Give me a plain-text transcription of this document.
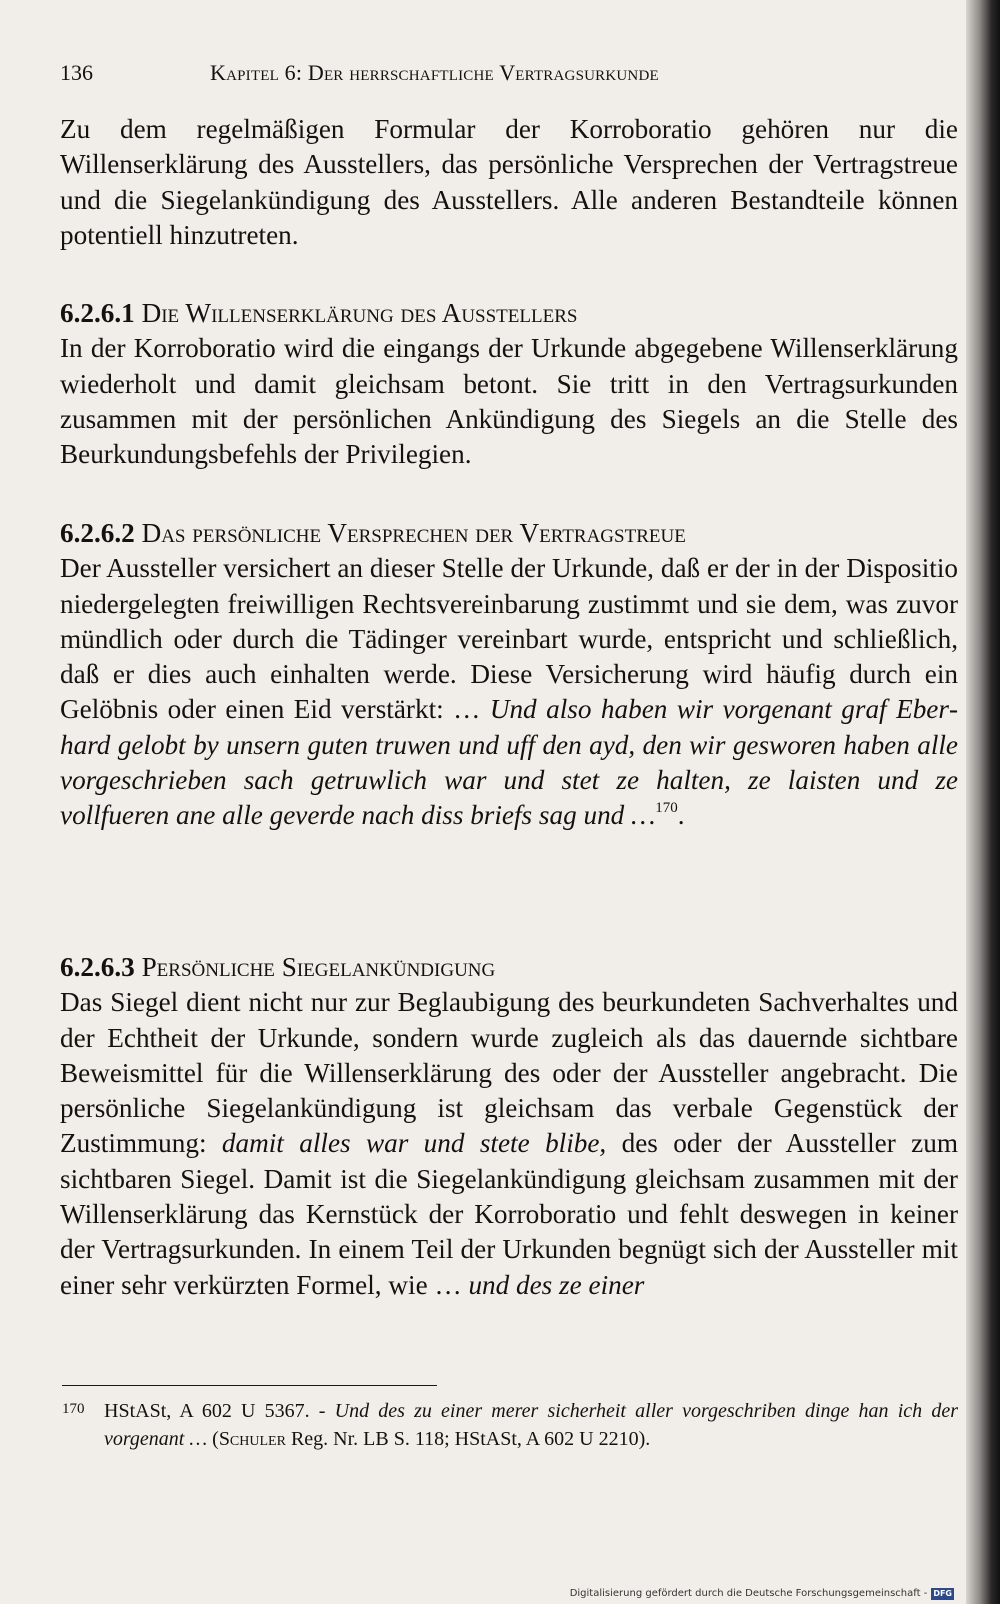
136	Kapitel 6: Der herrschaftliche Vertragsurkunde

Zu dem regelmäßigen Formular der Korroboratio gehören nur die Willenserklärung des Ausstellers, das persönliche Versprechen der Vertragstreue und die Siegelankündigung des Ausstellers. Alle anderen Bestandteile können potentiell hinzutreten.

6.2.6.1 Die Willenserklärung des Ausstellers

In der Korroboratio wird die eingangs der Urkunde abgegebene Willenserklärung wiederholt und damit gleichsam betont. Sie tritt in den Vertragsurkunden zusammen mit der persönlichen Ankündigung des Siegels an die Stelle des Beurkundungsbefehls der Privilegien.

6.2.6.2 Das persönliche Versprechen der Vertragstreue

Der Aussteller versichert an dieser Stelle der Urkunde, daß er der in der Dispositio niedergelegten freiwilligen Rechtsvereinbarung zustimmt und sie dem, was zuvor mündlich oder durch die Tädinger vereinbart wurde, entspricht und schließlich, daß er dies auch einhalten werde. Diese Versicherung wird häufig durch ein Gelöbnis oder einen Eid verstärkt: … Und also haben wir vorgenant graf Eberhard gelobt by unsern guten truwen und uff den ayd, den wir gesworen haben alle vorgeschrieben sach getruwlich war und stet ze halten, ze laisten und ze vollfueren ane alle geverde nach diss briefs sag und …$^{170}$.

6.2.6.3 Persönliche Siegelankündigung

Das Siegel dient nicht nur zur Beglaubigung des beurkundeten Sachverhaltes und der Echtheit der Urkunde, sondern wurde zugleich als das dauernde sichtbare Beweismittel für die Willenserklärung des oder der Aussteller angebracht. Die persönliche Siegelankündigung ist gleichsam das verbale Gegenstück der Zustimmung: damit alles war und stete blibe, des oder der Aussteller zum sichtbaren Siegel. Damit ist die Siegelankündigung gleichsam zusammen mit der Willenserklärung das Kernstück der Korroboratio und fehlt deswegen in keiner der Vertragsurkunden. In einem Teil der Urkunden begnügt sich der Aussteller mit einer sehr verkürzten Formel, wie … und des ze einer

170 HStASt, A 602 U 5367. - Und des zu einer merer sicherheit aller vorgeschriben dinge han ich der vorgenant … (Schuler Reg. Nr. LB S. 118; HStASt, A 602 U 2210).
Digitalisierung gefördert durch die Deutsche Forschungsgemeinschaft - DFG
